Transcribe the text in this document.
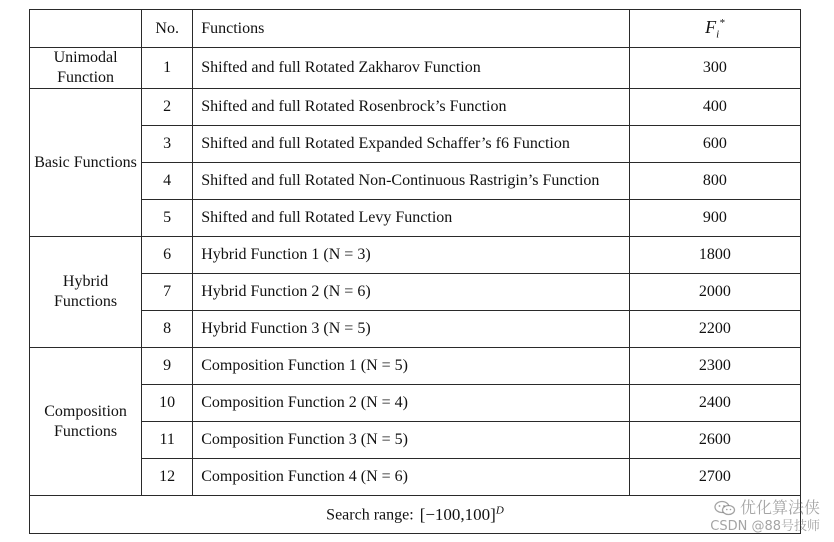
	No.	Functions	$F_i^*$
Unimodal Function	1	Shifted and full Rotated Zakharov Function	300
Basic Functions	2	Shifted and full Rotated Rosenbrock’s Function	400
	3	Shifted and full Rotated Expanded Schaffer’s f6 Function	600
	4	Shifted and full Rotated Non-Continuous Rastrigin’s Function	800
	5	Shifted and full Rotated Levy Function	900
Hybrid Functions	6	Hybrid Function 1 (N = 3)	1800
	7	Hybrid Function 2 (N = 6)	2000
	8	Hybrid Function 3 (N = 5)	2200
Composition Functions	9	Composition Function 1 (N = 5)	2300
	10	Composition Function 2 (N = 4)	2400
	11	Composition Function 3 (N = 5)	2600
	12	Composition Function 4 (N = 6)	2700
Search range: $[-100,100]^D$	优化算法侠
CSDN @88号技师
